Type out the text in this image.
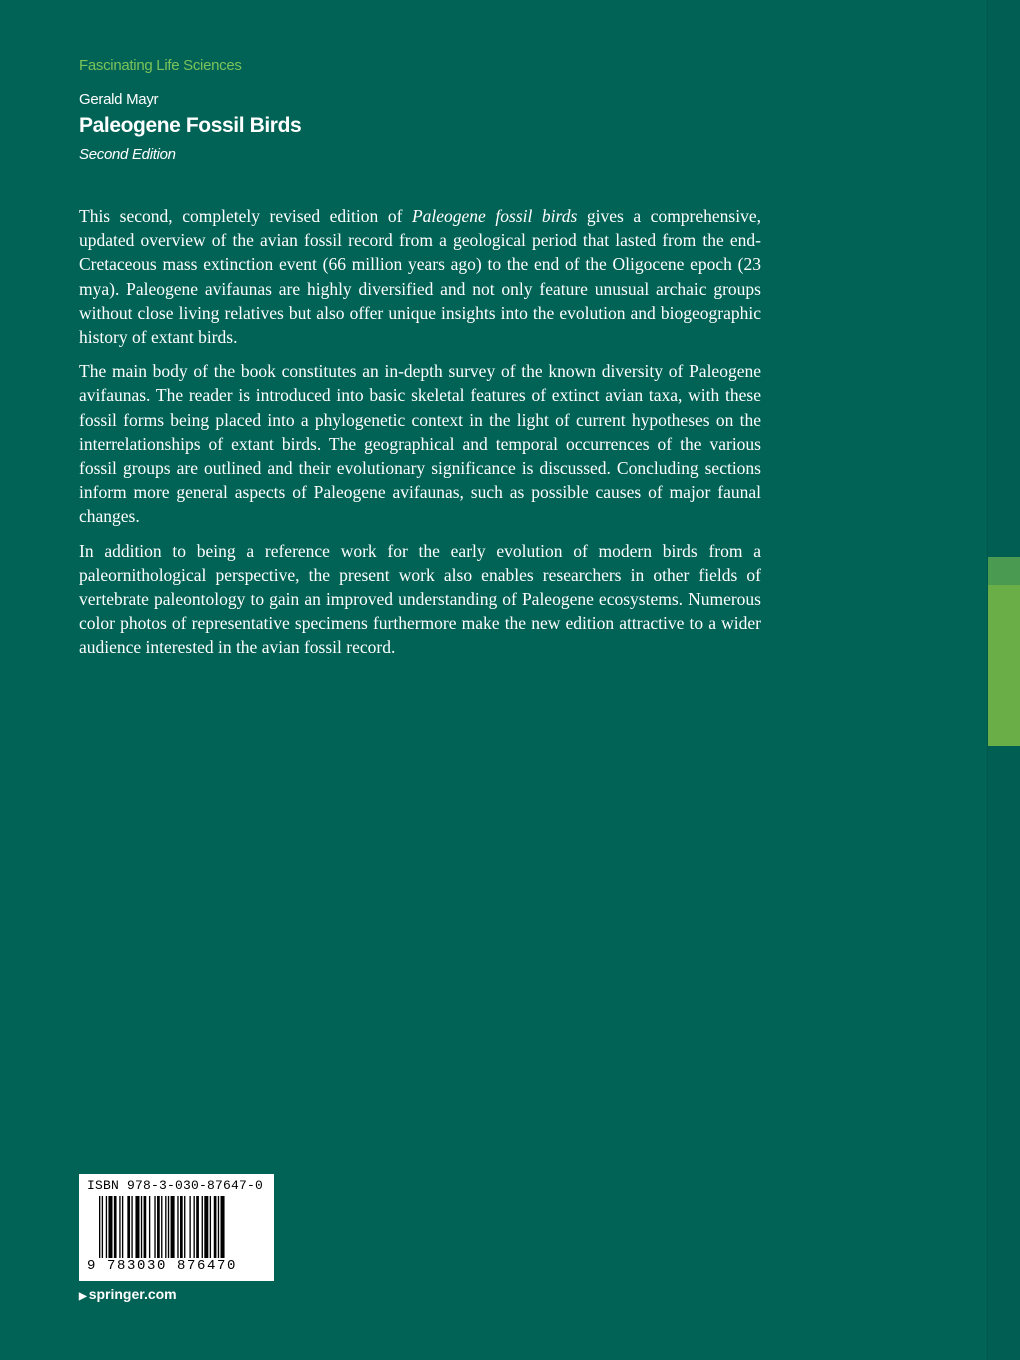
Fascinating Life Sciences
Gerald Mayr
Paleogene Fossil Birds
Second Edition

This second, completely revised edition of Paleogene fossil birds gives a comprehensive, updated overview of the avian fossil record from a geological period that lasted from the end-Cretaceous mass extinction event (66 million years ago) to the end of the Oligocene epoch (23 mya). Paleogene avifaunas are highly diversified and not only feature unusual archaic groups without close living relatives but also offer unique insights into the evolution and biogeographic history of extant birds.

The main body of the book constitutes an in-depth survey of the known diversity of Paleogene avifaunas. The reader is introduced into basic skeletal features of extinct avian taxa, with these fossil forms being placed into a phylogenetic context in the light of current hypotheses on the interrelationships of extant birds. The geographical and temporal occurrences of the various fossil groups are outlined and their evolutionary significance is discussed. Concluding sections inform more general aspects of Paleogene avifaunas, such as possible causes of major faunal changes.

In addition to being a reference work for the early evolution of modern birds from a paleornithological perspective, the present work also enables researchers in other fields of vertebrate paleontology to gain an improved understanding of Paleogene ecosystems. Numerous color photos of representative specimens furthermore make the new edition attractive to a wider audience interested in the avian fossil record.

ISBN 978-3-030-87647-0
9 783030 876470
▶ springer.com
